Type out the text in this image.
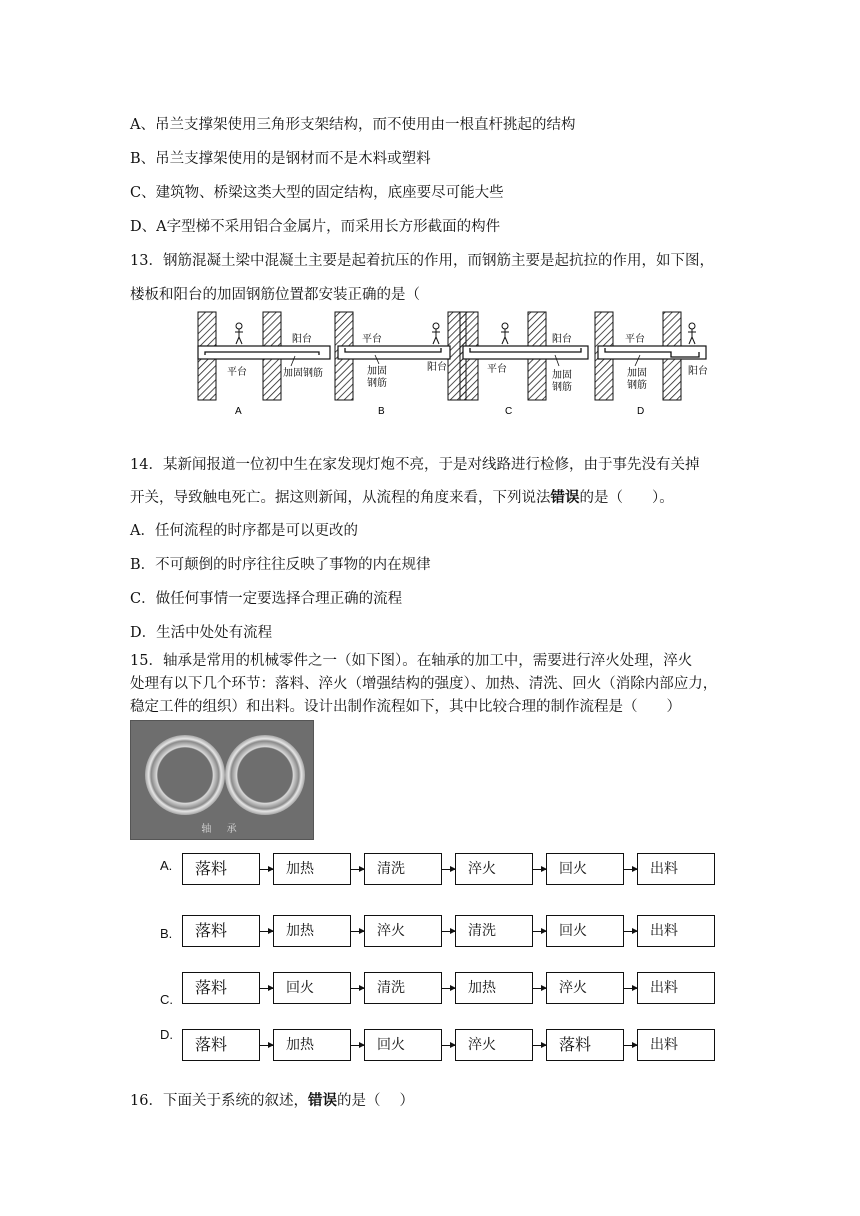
A、吊兰支撑架使用三角形支架结构，而不使用由一根直杆挑起的结构
B、吊兰支撑架使用的是钢材而不是木料或塑料
C、建筑物、桥梁这类大型的固定结构，底座要尽可能大些
D、A字型梯不采用铝合金属片，而采用长方形截面的构件
13．钢筋混凝土梁中混凝土主要是起着抗压的作用，而钢筋主要是起抗拉的作用，如下图，
楼板和阳台的加固钢筋位置都安装正确的是（
平台
阳台
加固钢筋
A
平台
阳台
加固
钢筋
B
平台
阳台
加固
钢筋
C
平台
阳台
加固
钢筋
D
14．某新闻报道一位初中生在家发现灯炮不亮，于是对线路进行检修，由于事先没有关掉
开关，导致触电死亡。据这则新闻，从流程的角度来看，下列说法错误的是（　　）。
A．任何流程的时序都是可以更改的
B．不可颠倒的时序往往反映了事物的内在规律
C．做任何事情一定要选择合理正确的流程
D．生活中处处有流程
15．轴承是常用的机械零件之一（如下图）。在轴承的加工中，需要进行淬火处理，淬火
处理有以下几个环节：落料、淬火（增强结构的强度）、加热、清洗、回火（消除内部应力，
稳定工件的组织）和出料。设计出制作流程如下，其中比较合理的制作流程是（　　）
轴 承
A.	落料	加热	清洗	淬火	回火	出料
B.	落料	加热	淬火	清洗	回火	出料
C.
落料	回火	清洗	加热	淬火	出料
D.
落料	加热	回火	淬火	落料	出料
16．下面关于系统的叙述，错误的是（　 ）
